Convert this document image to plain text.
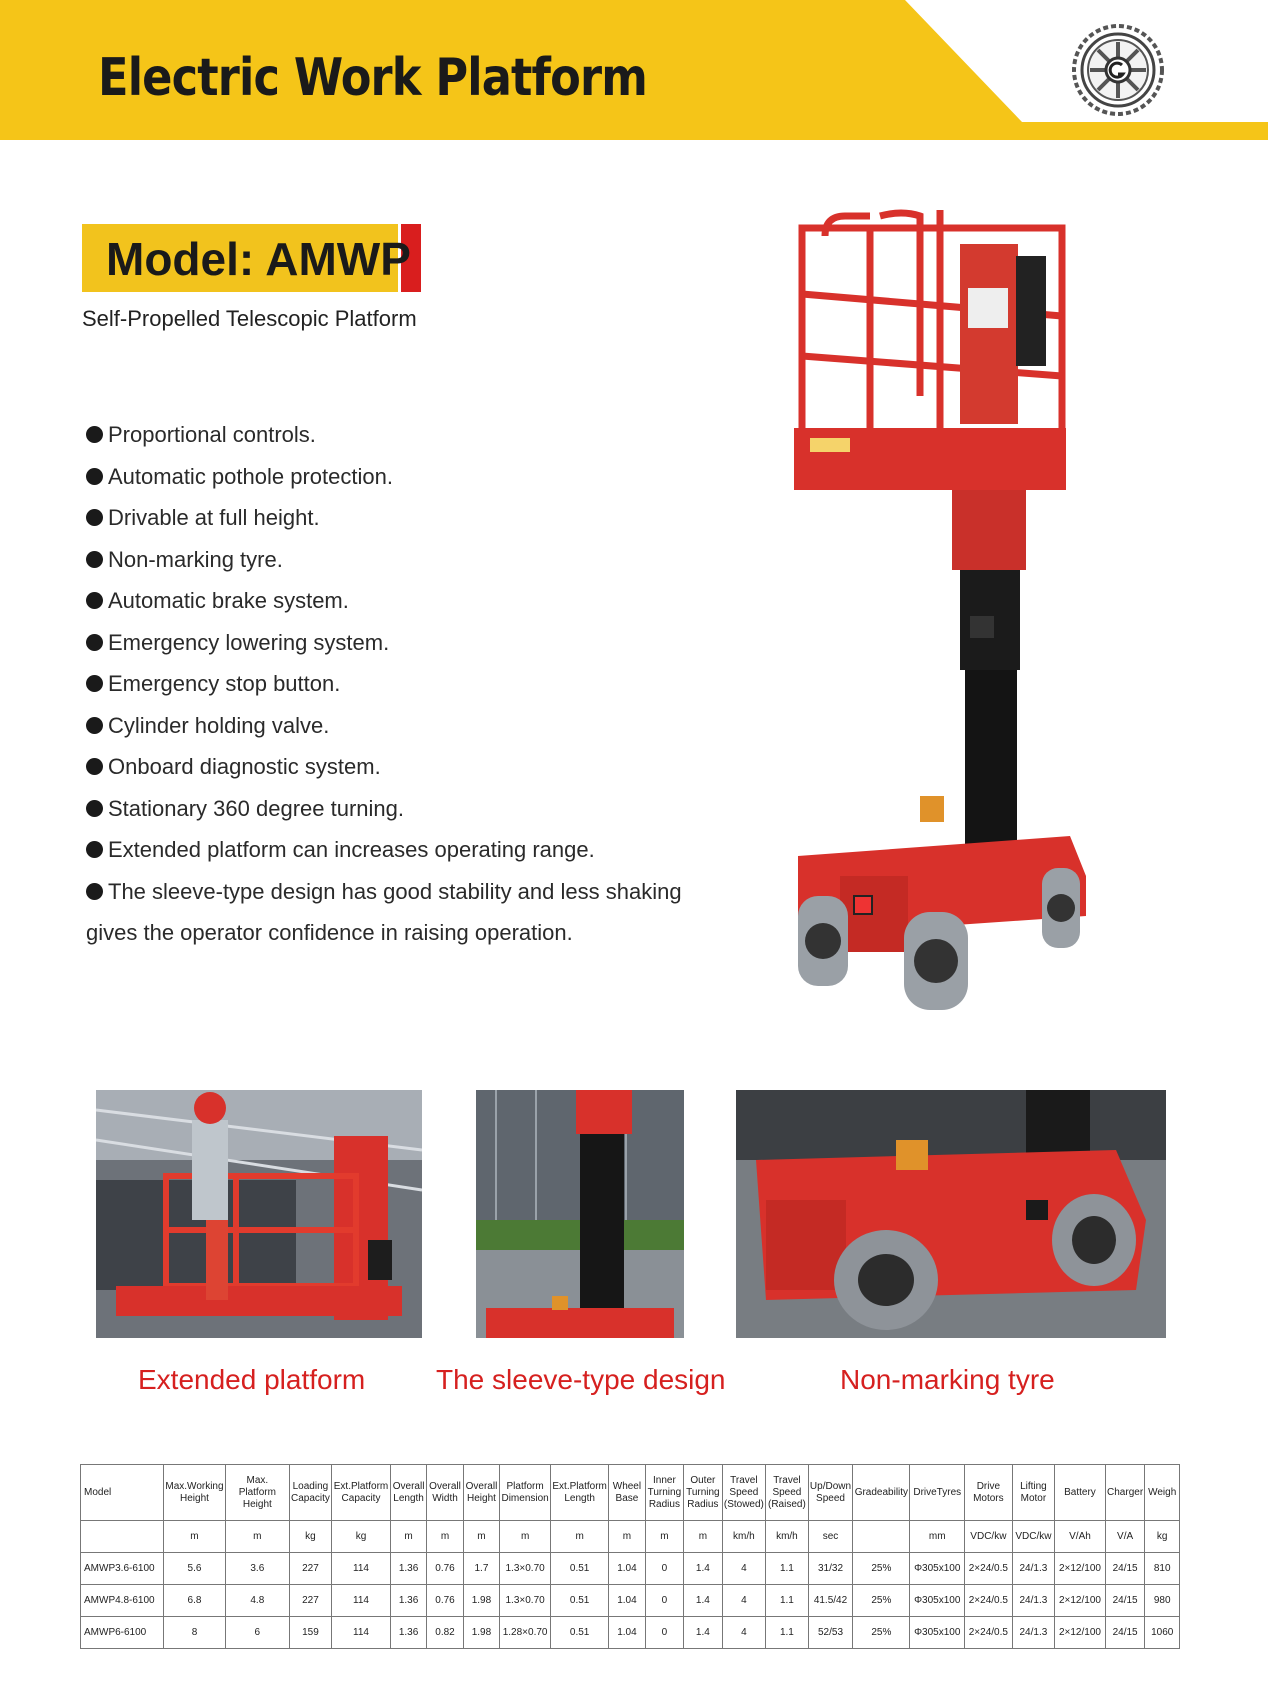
Electric Work Platform
Model: AMWP
Self-Propelled Telescopic Platform
Proportional controls.
Automatic pothole protection.
Drivable at full height.
Non-marking tyre.
Automatic brake system.
Emergency lowering system.
Emergency stop button.
Cylinder holding valve.
Onboard diagnostic system.
Stationary 360 degree turning.
Extended platform can increases operating range.
The sleeve-type design has good stability and less shaking
gives the operator confidence in raising operation.
Extended platform	The sleeve-type design	Non-marking tyre
Model	Max.Working Height	Max. Platform Height	Loading Capacity	Ext.Platform Capacity	Overall Length	Overall Width	Overall Height	Platform Dimension	Ext.Platform Length	Wheel Base	Inner Turning Radius	Outer Turning Radius	Travel Speed (Stowed)	Travel Speed (Raised)	Up/Down Speed	Gradeability	DriveTyres	Drive Motors	Lifting Motor	Battery	Charger	Weigh
	m	m	kg	kg	m	m	m	m	m	m	m	m	km/h	km/h	sec		mm	VDC/kw	VDC/kw	V/Ah	V/A	kg
AMWP3.6-6100	5.6	3.6	227	114	1.36	0.76	1.7	1.3×0.70	0.51	1.04	0	1.4	4	1.1	31/32	25%	Φ305x100	2×24/0.5	24/1.3	2×12/100	24/15	810
AMWP4.8-6100	6.8	4.8	227	114	1.36	0.76	1.98	1.3×0.70	0.51	1.04	0	1.4	4	1.1	41.5/42	25%	Φ305x100	2×24/0.5	24/1.3	2×12/100	24/15	980
AMWP6-6100	8	6	159	114	1.36	0.82	1.98	1.28×0.70	0.51	1.04	0	1.4	4	1.1	52/53	25%	Φ305x100	2×24/0.5	24/1.3	2×12/100	24/15	1060
